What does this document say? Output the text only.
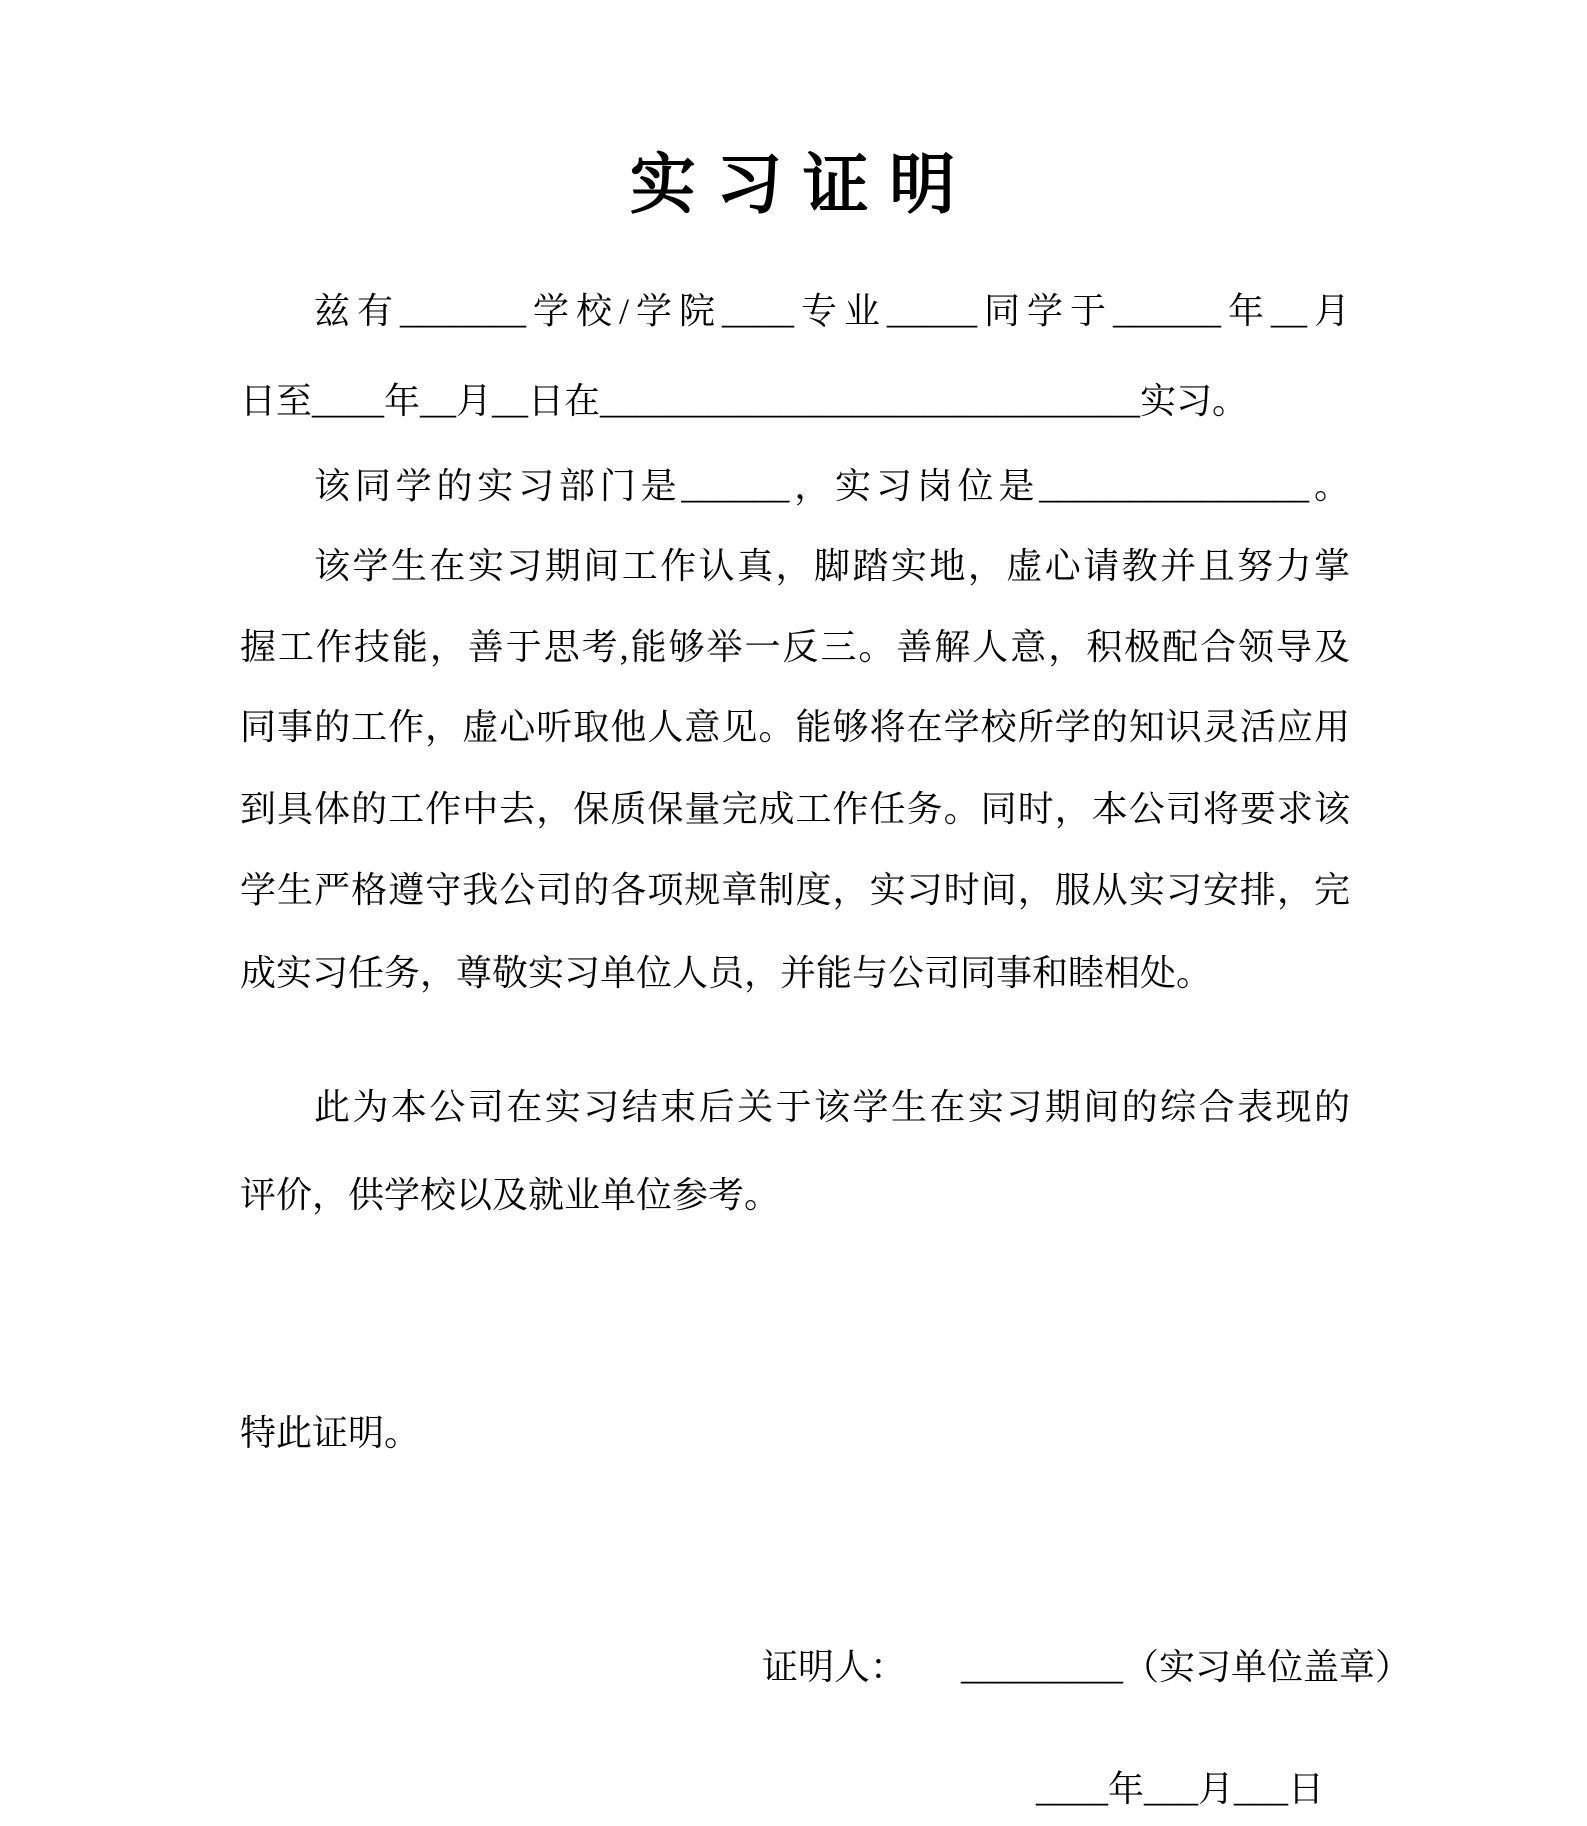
实 习 证 明
兹有_______学校/学院____专业_____同学于______年__月
日至____年__月__日在______________________________实习。
该同学的实习部门是______，实习岗位是_______________。
该学生在实习期间工作认真，脚踏实地，虚心请教并且努力掌
握工作技能，善于思考,能够举一反三。善解人意，积极配合领导及
同事的工作，虚心听取他人意见。能够将在学校所学的知识灵活应用
到具体的工作中去，保质保量完成工作任务。同时，本公司将要求该
学生严格遵守我公司的各项规章制度，实习时间，服从实习安排，完
成实习任务，尊敬实习单位人员，并能与公司同事和睦相处。
此为本公司在实习结束后关于该学生在实习期间的综合表现的
评价，供学校以及就业单位参考。
特此证明。

证明人： _________（实习单位盖章）

____年___月___日
